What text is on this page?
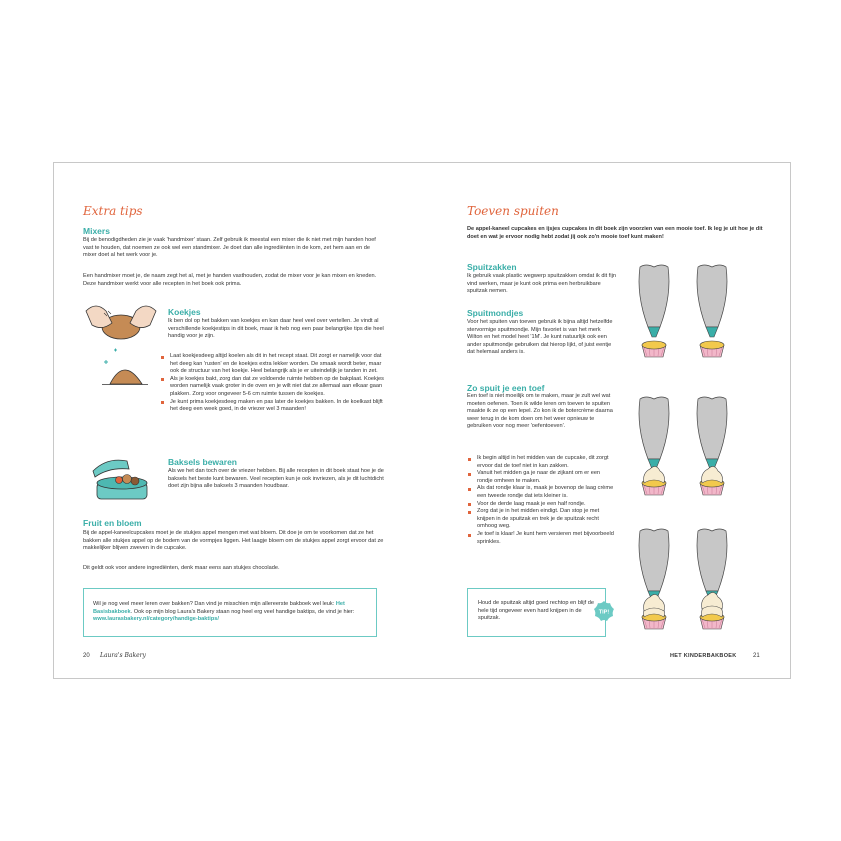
Extra tips
Mixers

Bij de benodigdheden zie je vaak 'handmixer' staan. Zelf gebruik ik meestal een mixer die ik niet met mijn handen hoef vast te houden, dat noemen ze ook wel een standmixer. Je doet dan alle ingrediënten in de kom, zet hem aan en de mixer doet al het werk voor je.

Een handmixer moet je, de naam zegt het al, met je handen vasthouden, zodat de mixer voor je kan mixen en kneden. Deze handmixer werkt voor alle recepten in het boek ook prima.

Koekjes

Ik ben dol op het bakken van koekjes en kan daar heel veel over vertellen. Je vindt al verschillende koekjestips in dit boek, maar ik heb nog een paar belangrijke tips die heel handig voor je zijn.

Laat koekjesdeeg altijd koelen als dit in het recept staat. Dit zorgt er namelijk voor dat het deeg kan 'rusten' en de koekjes extra lekker worden. De smaak wordt beter, maar ook de structuur van het koekje. Heel belangrijk als je er uiteindelijk je tanden in zet.
Als je koekjes bakt, zorg dan dat ze voldoende ruimte hebben op de bakplaat. Koekjes worden namelijk vaak groter in de oven en je wilt niet dat ze allemaal aan elkaar gaan plakken. Zorg voor ongeveer 5-6 cm ruimte tussen de koekjes.
Je kunt prima koekjesdeeg maken en pas later de koekjes bakken. In de koelkast blijft het deeg een week goed, in de vriezer wel 3 maanden!
Baksels bewaren

Als we het dan toch over de vriezer hebben. Bij alle recepten in dit boek staat hoe je de baksels het beste kunt bewaren. Veel recepten kun je ook invriezen, als je dit luchtdicht doet zijn bijna alle baksels 3 maanden houdbaar.

Fruit en bloem

Bij de appel-kaneelcupcakes moet je de stukjes appel mengen met wat bloem. Dit doe je om te voorkomen dat ze het bakken alle stukjes appel op de bodem van de vormpjes liggen. Het laagje bloem om de stukjes appel zorgt ervoor dat ze makkelijker blijven zweven in de cupcake.

Dit geldt ook voor andere ingrediënten, denk maar eens aan stukjes chocolade.

Wil je nog veel meer leren over bakken? Dan vind je misschien mijn allereerste bakboek wel leuk: Het Basisbakboek. Ook op mijn blog Laura's Bakery staan nog heel erg veel handige baktips, de vind je hier: www.laurasbakery.nl/category/handige-baktips/

20 Laura's Bakery
Toeven spuiten

De appel-kaneel cupcakes en ijsjes cupcakes in dit boek zijn voorzien van een mooie toef. Ik leg je uit hoe je dit doet en wat je ervoor nodig hebt zodat jij ook zo'n mooie toef kunt maken!

Spuitzakken

Ik gebruik vaak plastic wegwerp spuitzakken omdat ik dit fijn vind werken, maar je kunt ook prima een herbruikbare spuitzak nemen.

Spuitmondjes

Voor het spuiten van toeven gebruik ik bijna altijd hetzelfde stervormige spuitmondje. Mijn favoriet is van het merk Wilton en het model heet '1M'. Je kunt natuurlijk ook een ander spuitmondje gebruiken dat hierop lijkt, of juist eentje dat helemaal anders is.

Zo spuit je een toef

Een toef is niet moeilijk om te maken, maar je zult wel wat moeten oefenen. Toen ik wilde leren om toeven te spuiten maakte ik ze op een lepel. Zo kon ik de botercrème daarna weer terug in de kom doen om het weer opnieuw te gebruiken voor nog meer 'oefentoeven'.

Ik begin altijd in het midden van de cupcake, dit zorgt ervoor dat de toef niet in kan zakken.
Vanuit het midden ga je naar de zijkant om er een rondje omheen te maken.
Als dat rondje klaar is, maak je bovenop de laag crème een tweede rondje dat iets kleiner is.
Voor de derde laag maak je een half rondje.
Zorg dat je in het midden eindigt. Dan stop je met knijpen in de spuitzak en trek je de spuitzak recht omhoog weg.
Je toef is klaar! Je kunt hem versieren met bijvoorbeeld sprinkles.

Houd de spuitzak altijd goed rechtop en blijf de hele tijd ongeveer even hard knijpen in de spuitzak.

TIP!
HET KINDERBAKBOEK	21
